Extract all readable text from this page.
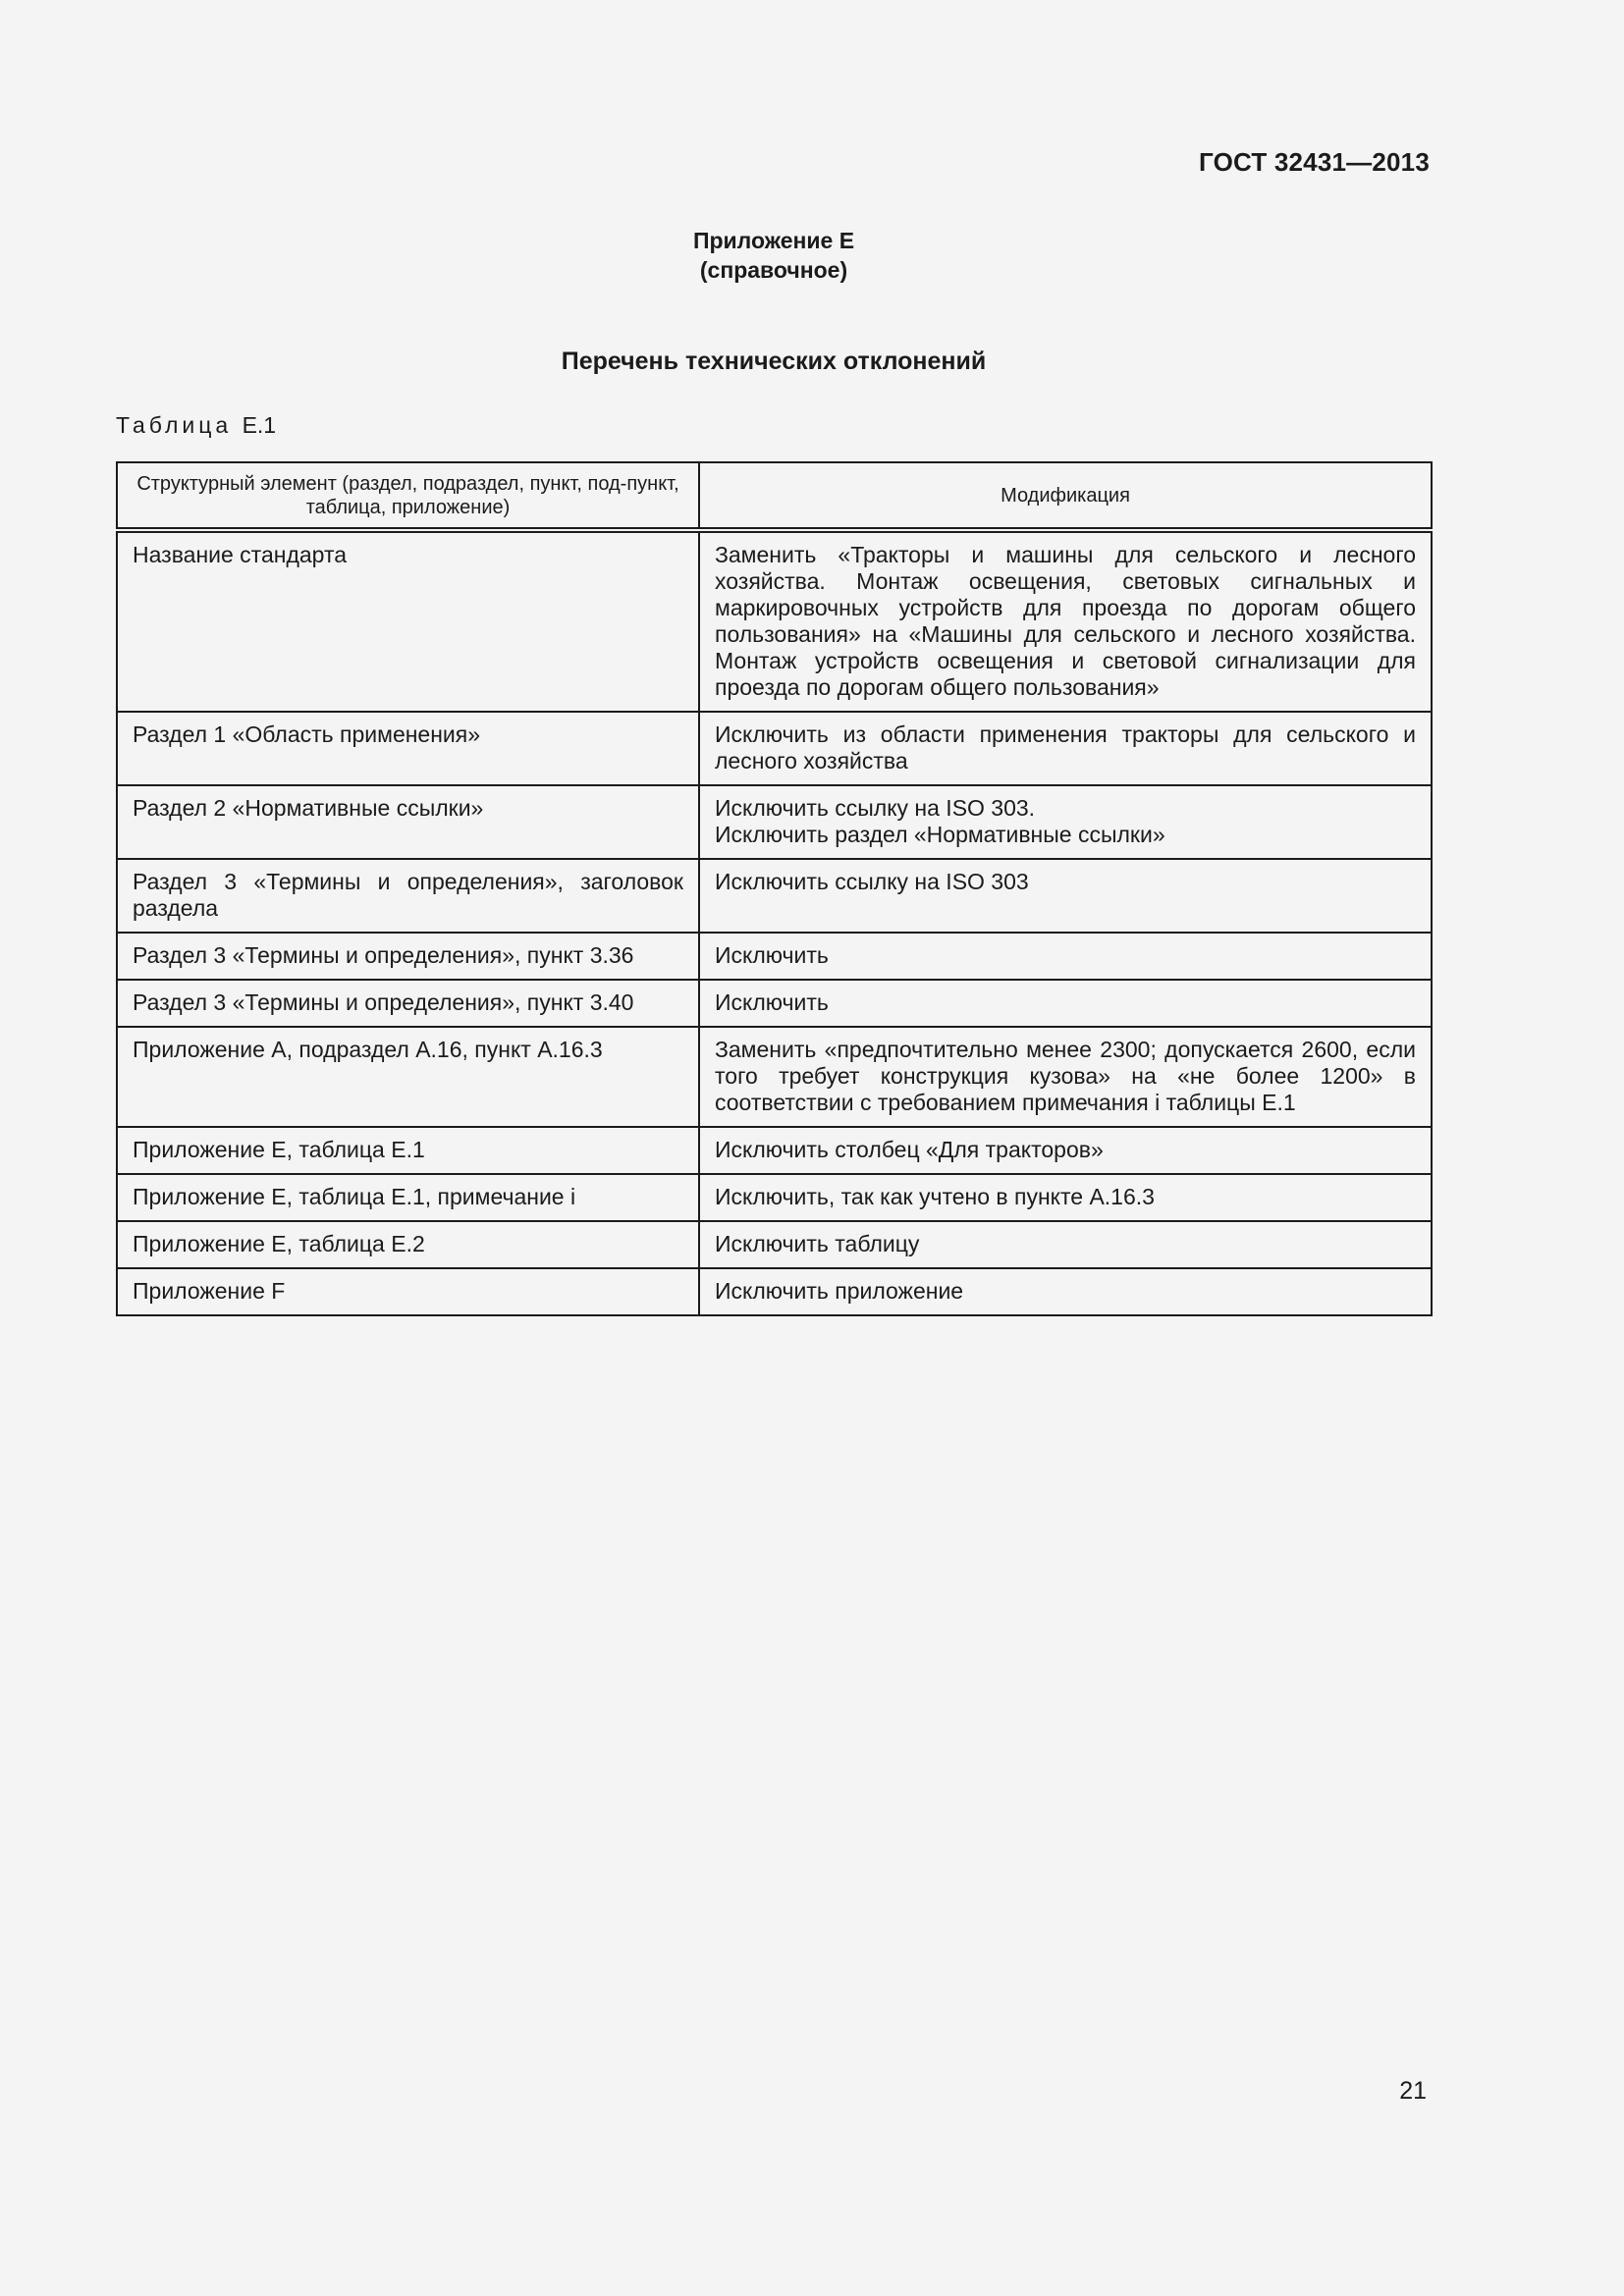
ГОСТ 32431—2013
Приложение Е
(справочное)
Перечень технических отклонений
Таблица Е.1
Структурный элемент (раздел, подраздел, пункт, под-пункт, таблица, приложение)	Модификация
Название стандарта	Заменить «Тракторы и машины для сельского и лесного хозяйства. Монтаж освещения, световых сигнальных и маркировочных устройств для проезда по дорогам общего пользования» на «Машины для сельского и лесного хозяйства. Монтаж устройств освещения и световой сигнализации для проезда по дорогам общего пользования»
Раздел 1 «Область применения»	Исключить из области применения тракторы для сельского и лесного хозяйства
Раздел 2 «Нормативные ссылки»	Исключить ссылку на ISO 303.
Исключить раздел «Нормативные ссылки»

Раздел 3 «Термины и определения», заголовок раздела	Исключить ссылку на ISO 303
Раздел 3 «Термины и определения», пункт 3.36	Исключить
Раздел 3 «Термины и определения», пункт 3.40	Исключить
Приложение А, подраздел А.16, пункт А.16.3	Заменить «предпочтительно менее 2300; допускается 2600, если того требует конструкция кузова» на «не более 1200» в соответствии с требованием примечания i таблицы Е.1
Приложение Е, таблица Е.1	Исключить столбец «Для тракторов»
Приложение Е, таблица Е.1, примечание i	Исключить, так как учтено в пункте А.16.3
Приложение Е, таблица Е.2	Исключить таблицу
Приложение F	Исключить приложение
21
